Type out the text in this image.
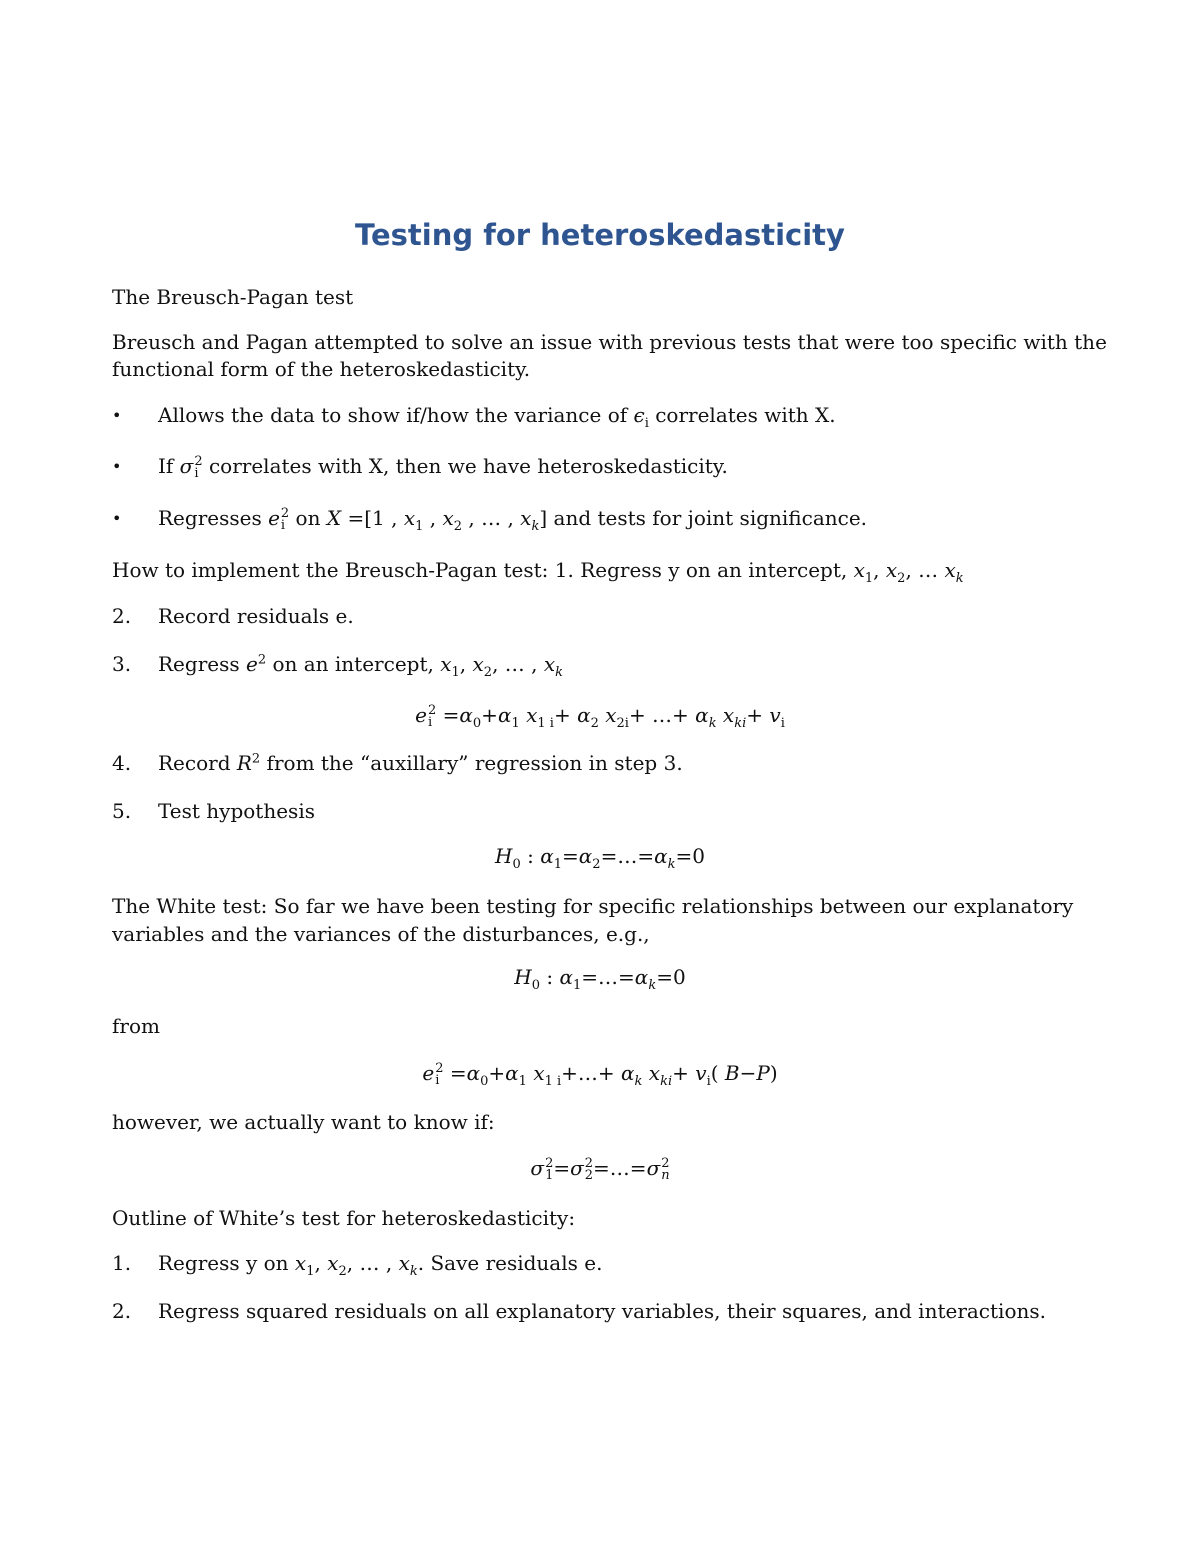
Testing for heteroskedasticity
The Breusch-Pagan test
Breusch and Pagan attempted to solve an issue with previous tests that were too specific with the
functional form of the heteroskedasticity.
• Allows the data to show if/how the variance of $\epsilon_i$ correlates with X.
• If σ 2
i correlates with X, then we have heteroskedasticity.
• Regresses e 2
i on X =[1 , $x_1$ , $x_2$ , … , $x_k$] and tests for joint significance.
How to implement the Breusch-Pagan test: 1. Regress y on an intercept, $x_1$, $x_2$, … $x_k$
2. Record residuals e.
3. Regress $e^2$ on an intercept, $x_1$, $x_2$, … , $x_k$
e 2
$i =\alpha_0+\alpha_1$ $x_{1 i}+ \alpha_2$ $x_{2i}+$ …+ $\alpha_k$ $x_{ki}+ v_i$
4. Record $R^2$ from the “auxillary” regression in step 3.
5. Test hypothesis
$H_0$ : $\alpha_1=\alpha_2=\dots=\alpha_k=0$
The White test: So far we have been testing for specific relationships between our explanatory
variables and the variances of the disturbances, e.g.,
$H_0$ : $\alpha_1=\dots=\alpha_k=0$
from
e 2
$i =\alpha_0+\alpha_1$ $x_{1 i}+\dots+ \alpha_k$ $x_{ki}+ v_i$( B−P)
however, we actually want to know if:
σ 2
1 =σ 2
2 =…=σ 2
n
Outline of White’s test for heteroskedasticity:
1. Regress y on $x_1$, $x_2$, … , $x_k$. Save residuals e.
2. Regress squared residuals on all explanatory variables, their squares, and interactions.
